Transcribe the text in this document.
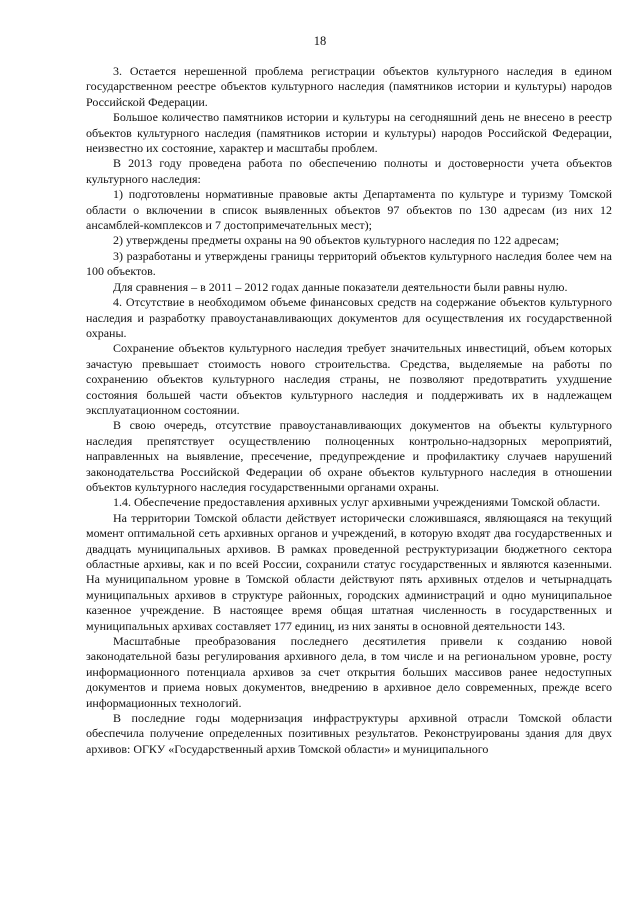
18

3. Остается нерешенной проблема регистрации объектов культурного наследия в едином государственном реестре объектов культурного наследия (памятников истории и культуры) народов Российской Федерации.

Большое количество памятников истории и культуры на сегодняшний день не внесено в реестр объектов культурного наследия (памятников истории и культуры) народов Российской Федерации, неизвестно их состояние, характер и масштабы проблем.

В 2013 году проведена работа по обеспечению полноты и достоверности учета объектов культурного наследия:

1) подготовлены нормативные правовые акты Департамента по культуре и туризму Томской области о включении в список выявленных объектов 97 объектов по 130 адресам (из них 12 ансамблей-комплексов и 7 достопримечательных мест);

2) утверждены предметы охраны на 90 объектов культурного наследия по 122 адресам;

3) разработаны и утверждены границы территорий объектов культурного наследия более чем на 100 объектов.

Для сравнения – в 2011 – 2012 годах данные показатели деятельности были равны нулю.

4. Отсутствие в необходимом объеме финансовых средств на содержание объектов культурного наследия и разработку правоустанавливающих документов для осуществления их государственной охраны.

Сохранение объектов культурного наследия требует значительных инвестиций, объем которых зачастую превышает стоимость нового строительства. Средства, выделяемые на работы по сохранению объектов культурного наследия страны, не позволяют предотвратить ухудшение состояния большей части объектов культурного наследия и поддерживать их в надлежащем эксплуатационном состоянии.

В свою очередь, отсутствие правоустанавливающих документов на объекты культурного наследия препятствует осуществлению полноценных контрольно-надзорных мероприятий, направленных на выявление, пресечение, предупреждение и профилактику случаев нарушений законодательства Российской Федерации об охране объектов культурного наследия в отношении объектов культурного наследия государственными органами охраны.

1.4. Обеспечение предоставления архивных услуг архивными учреждениями Томской области.

На территории Томской области действует исторически сложившаяся, являющаяся на текущий момент оптимальной сеть архивных органов и учреждений, в которую входят два государственных и двадцать муниципальных архивов. В рамках проведенной реструктуризации бюджетного сектора областные архивы, как и по всей России, сохранили статус государственных и являются казенными. На муниципальном уровне в Томской области действуют пять архивных отделов и четырнадцать муниципальных архивов в структуре районных, городских администраций и одно муниципальное казенное учреждение. В настоящее время общая штатная численность в государственных и муниципальных архивах составляет 177 единиц, из них заняты в основной деятельности 143.

Масштабные преобразования последнего десятилетия привели к созданию новой законодательной базы регулирования архивного дела, в том числе и на региональном уровне, росту информационного потенциала архивов за счет открытия больших массивов ранее недоступных документов и приема новых документов, внедрению в архивное дело современных, прежде всего информационных технологий.

В последние годы модернизация инфраструктуры архивной отрасли Томской области обеспечила получение определенных позитивных результатов. Реконструированы здания для двух архивов: ОГКУ «Государственный архив Томской области» и муниципального
